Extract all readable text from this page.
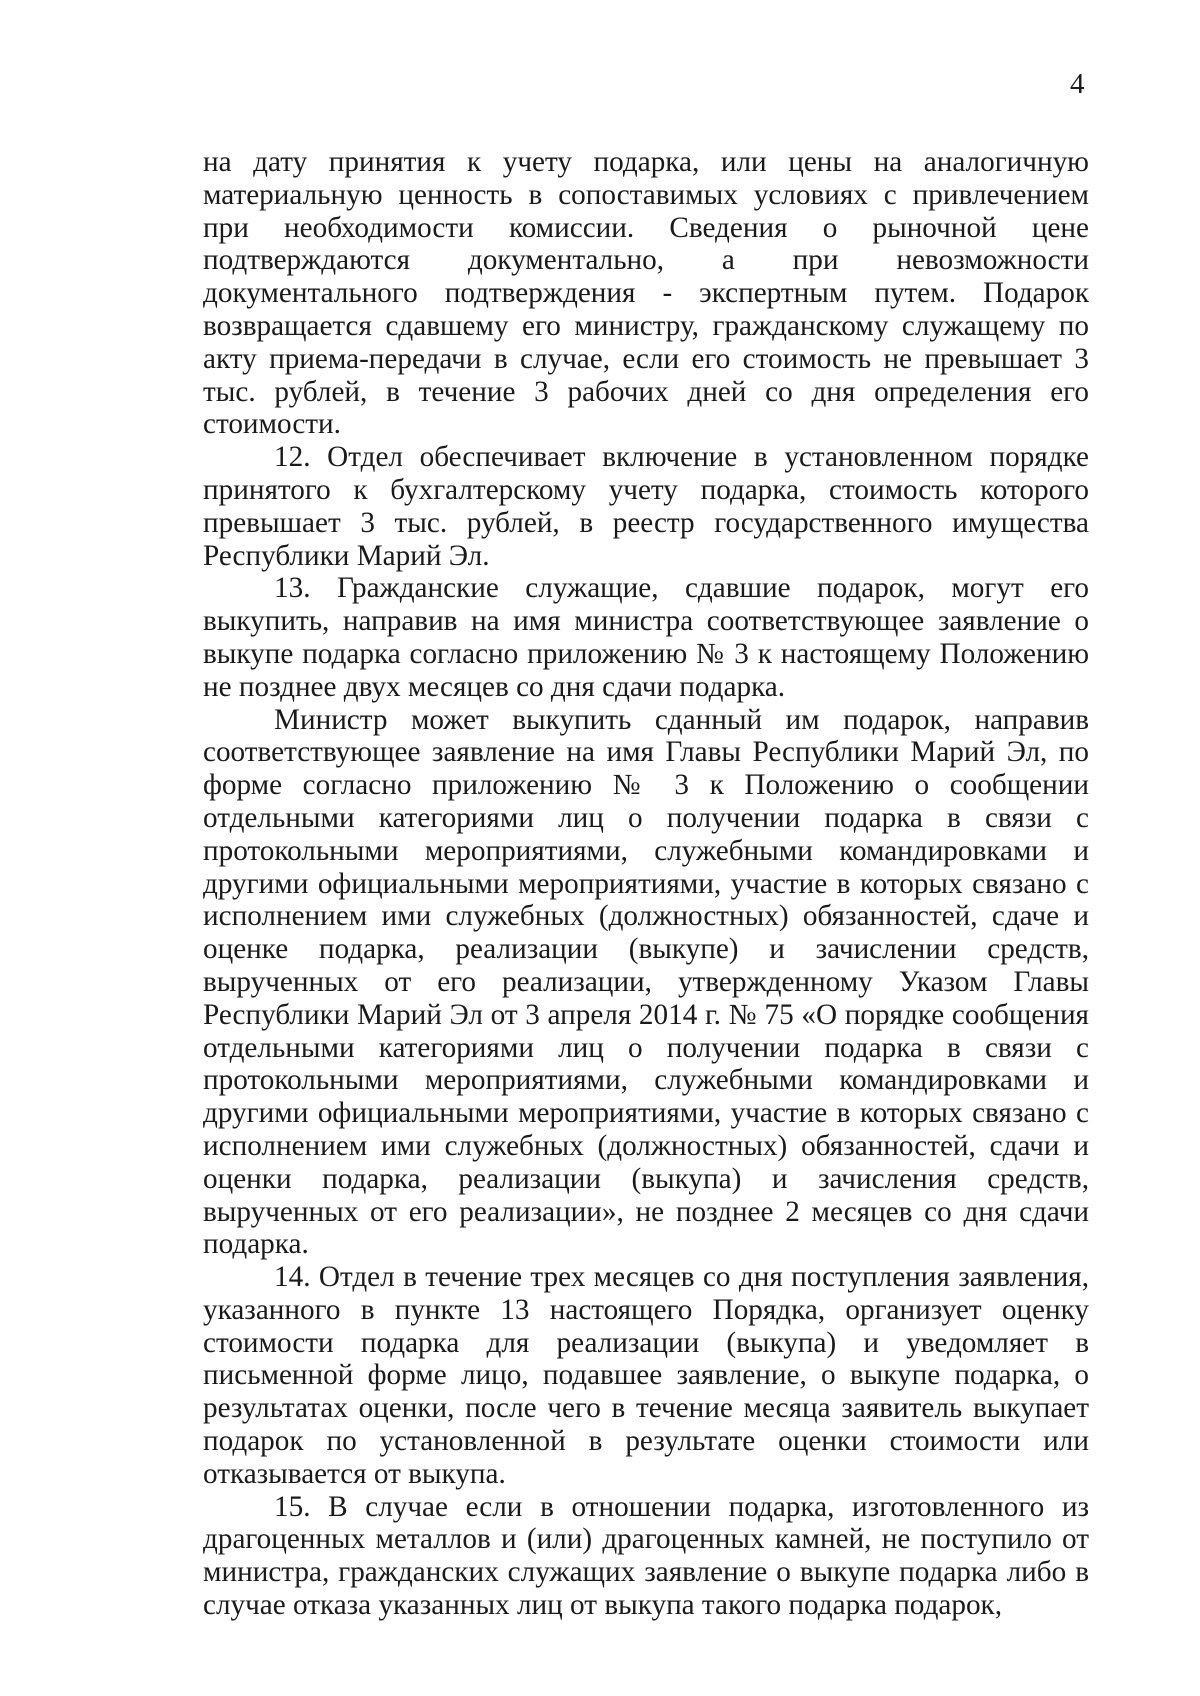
4

на дату принятия к учету подарка, или цены на аналогичную материальную ценность в сопоставимых условиях с привлечением при необходимости комиссии. Сведения о рыночной цене подтверждаются документально, а при невозможности документального подтверждения - экспертным путем. Подарок возвращается сдавшему его министру, гражданскому служащему по акту приема-передачи в случае, если его стоимость не превышает 3 тыс. рублей, в течение 3 рабочих дней со дня определения его стоимости.

12. Отдел обеспечивает включение в установленном порядке принятого к бухгалтерскому учету подарка, стоимость которого превышает 3 тыс. рублей, в реестр государственного имущества Республики Марий Эл.

13. Гражданские служащие, сдавшие подарок, могут его выкупить, направив на имя министра соответствующее заявление о выкупе подарка согласно приложению № 3 к настоящему Положению не позднее двух месяцев со дня сдачи подарка.

Министр может выкупить сданный им подарок, направив соответствующее заявление на имя Главы Республики Марий Эл, по форме согласно приложению № 3 к Положению о сообщении отдельными категориями лиц о получении подарка в связи с протокольными мероприятиями, служебными командировками и другими официальными мероприятиями, участие в которых связано с исполнением ими служебных (должностных) обязанностей, сдаче и оценке подарка, реализации (выкупе) и зачислении средств, вырученных от его реализации, утвержденному Указом Главы Республики Марий Эл от 3 апреля 2014 г. № 75 «О порядке сообщения отдельными категориями лиц о получении подарка в связи с протокольными мероприятиями, служебными командировками и другими официальными мероприятиями, участие в которых связано с исполнением ими служебных (должностных) обязанностей, сдачи и оценки подарка, реализации (выкупа) и зачисления средств, вырученных от его реализации», не позднее 2 месяцев со дня сдачи подарка.

14. Отдел в течение трех месяцев со дня поступления заявления, указанного в пункте 13 настоящего Порядка, организует оценку стоимости подарка для реализации (выкупа) и уведомляет в письменной форме лицо, подавшее заявление, о выкупе подарка, о результатах оценки, после чего в течение месяца заявитель выкупает подарок по установленной в результате оценки стоимости или отказывается от выкупа.

15. В случае если в отношении подарка, изготовленного из драгоценных металлов и (или) драгоценных камней, не поступило от министра, гражданских служащих заявление о выкупе подарка либо в случае отказа указанных лиц от выкупа такого подарка подарок,
